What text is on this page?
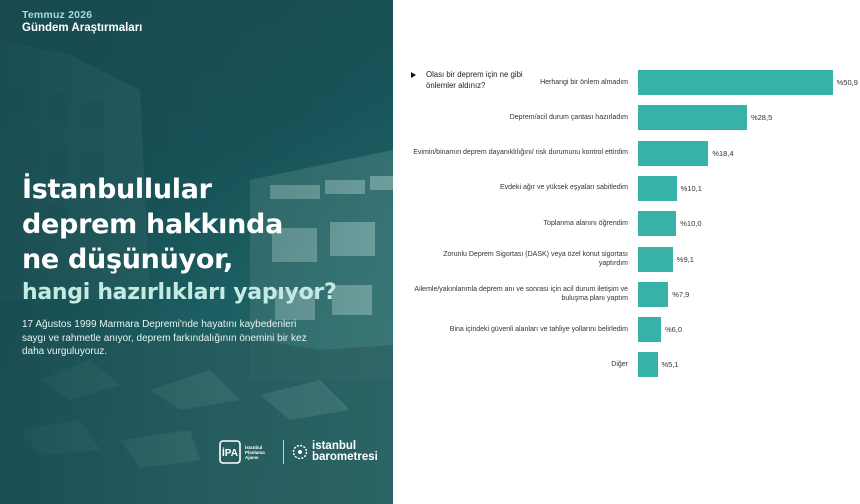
Temmuz 2026
Gündem Araştırmaları
İstanbullular
deprem hakkında
ne düşünüyor,
hangi hazırlıkları yapıyor?
17 Ağustos 1999 Marmara Depremi'nde hayatını kaybedenleri saygı ve rahmetle anıyor, deprem farkındalığının önemini bir kez daha vurguluyoruz.
İPA
İstanbul
Planlama
Ajansı
istanbul
barometresi
Olası bir deprem için ne gibi önlemler aldınız?	Herhangi bir önlem almadım	%50,9
Deprem/acil durum çantası hazırladım	%28,5
Evimin/binamın deprem dayanıklılığını/ risk durumunu kontrol ettirdim	%18,4
Evdeki ağır ve yüksek eşyaları sabitledim	%10,1
Toplanma alanını öğrendim	%10,0
Zorunlu Deprem Sigortası (DASK) veya özel konut sigortası yaptırdım	%9,1
Ailemle/yakınlarımla deprem anı ve sonrası için acil durum iletişim ve buluşma planı yaptım	%7,9
Bina içindeki güvenli alanları ve tahliye yollarını belirledim	%6,0
Diğer	%5,1
